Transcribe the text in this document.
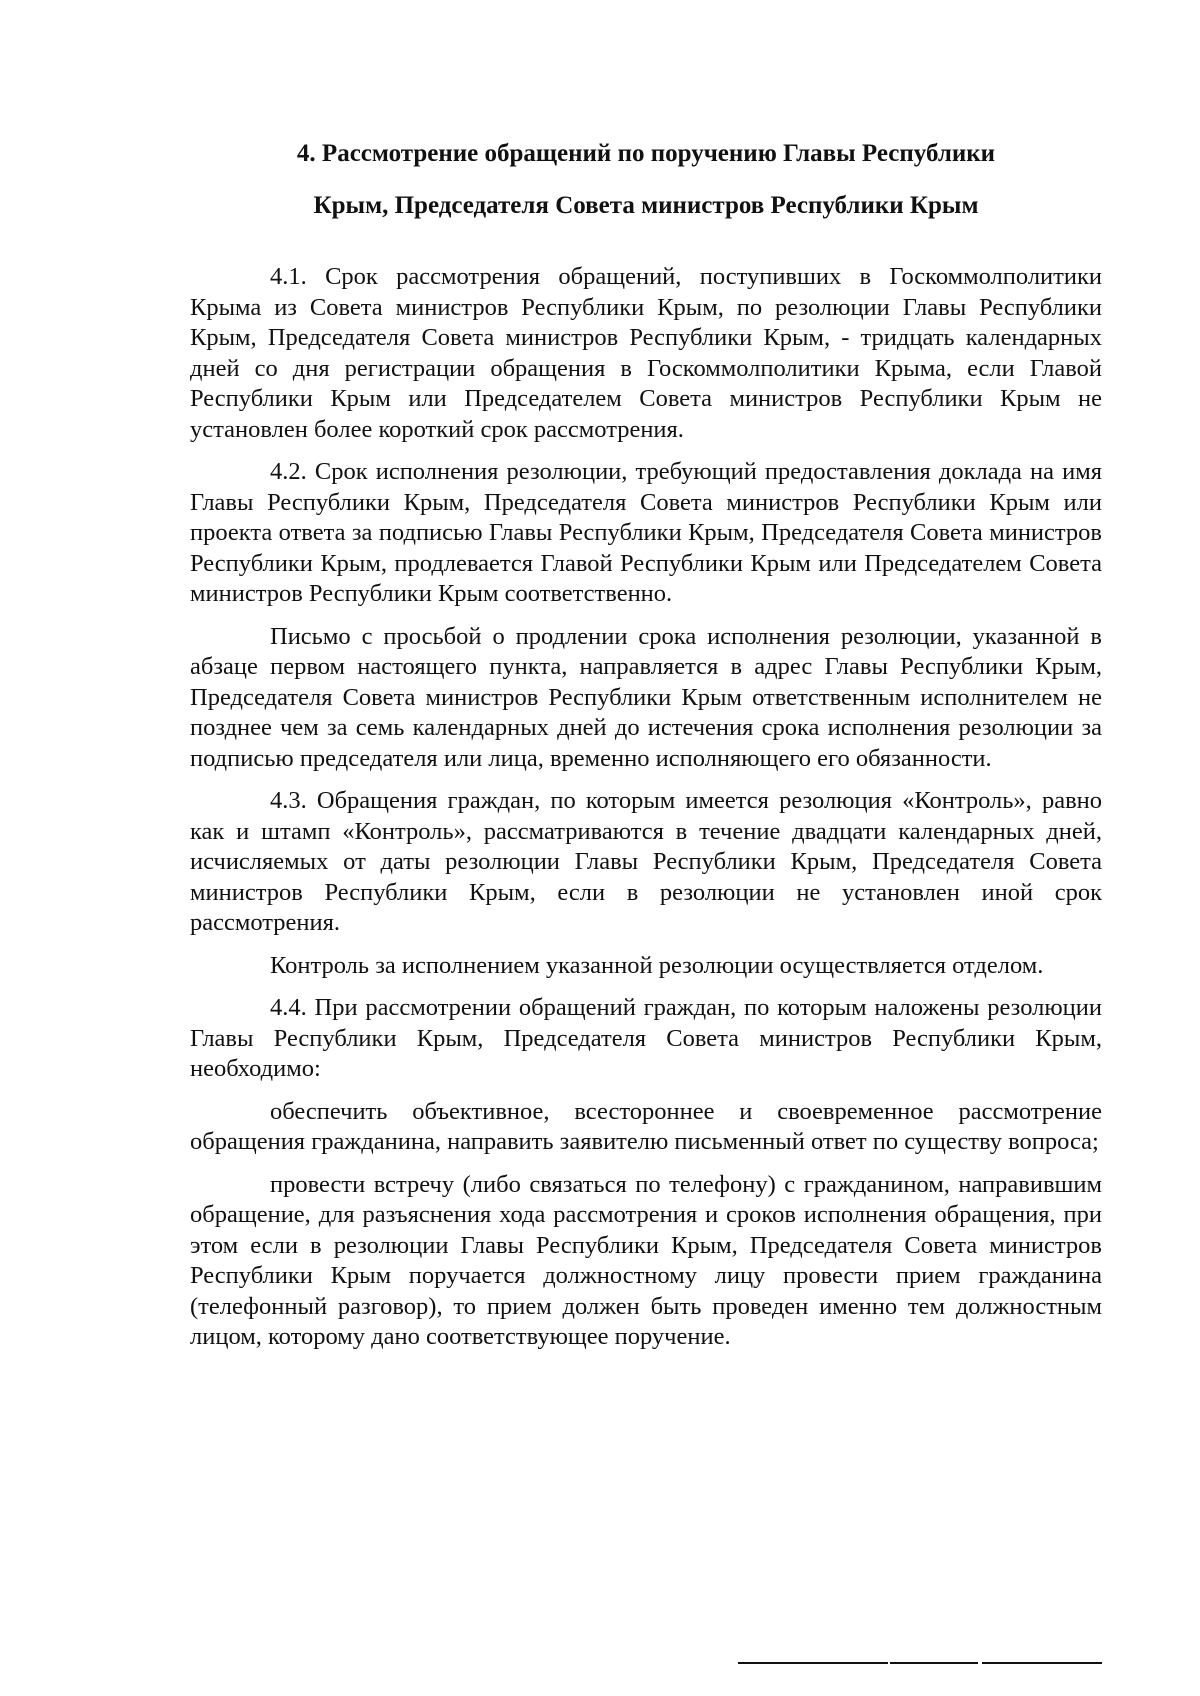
4. Рассмотрение обращений по поручению Главы Республики
Крым, Председателя Совета министров Республики Крым

4.1. Срок рассмотрения обращений, поступивших в Госкоммолполитики Крыма из Совета министров Республики Крым, по резолюции Главы Республики Крым, Председателя Совета министров Республики Крым, - тридцать календарных дней со дня регистрации обращения в Госкоммолполитики Крыма, если Главой Республики Крым или Председателем Совета министров Республики Крым не установлен более короткий срок рассмотрения.

4.2. Срок исполнения резолюции, требующий предоставления доклада на имя Главы Республики Крым, Председателя Совета министров Республики Крым или проекта ответа за подписью Главы Республики Крым, Председателя Совета министров Республики Крым, продлевается Главой Республики Крым или Председателем Совета министров Республики Крым соответственно.

Письмо с просьбой о продлении срока исполнения резолюции, указанной в абзаце первом настоящего пункта, направляется в адрес Главы Республики Крым, Председателя Совета министров Республики Крым ответственным исполнителем не позднее чем за семь календарных дней до истечения срока исполнения резолюции за подписью председателя или лица, временно исполняющего его обязанности.

4.3. Обращения граждан, по которым имеется резолюция «Контроль», равно как и штамп «Контроль», рассматриваются в течение двадцати календарных дней, исчисляемых от даты резолюции Главы Республики Крым, Председателя Совета министров Республики Крым, если в резолюции не установлен иной срок рассмотрения.

Контроль за исполнением указанной резолюции осуществляется отделом.

4.4. При рассмотрении обращений граждан, по которым наложены резолюции Главы Республики Крым, Председателя Совета министров Республики Крым, необходимо:

обеспечить объективное, всестороннее и своевременное рассмотрение обращения гражданина, направить заявителю письменный ответ по существу вопроса;

провести встречу (либо связаться по телефону) с гражданином, направившим обращение, для разъяснения хода рассмотрения и сроков исполнения обращения, при этом если в резолюции Главы Республики Крым, Председателя Совета министров Республики Крым поручается должностному лицу провести прием гражданина (телефонный разговор), то прием должен быть проведен именно тем должностным лицом, которому дано соответствующее поручение.
